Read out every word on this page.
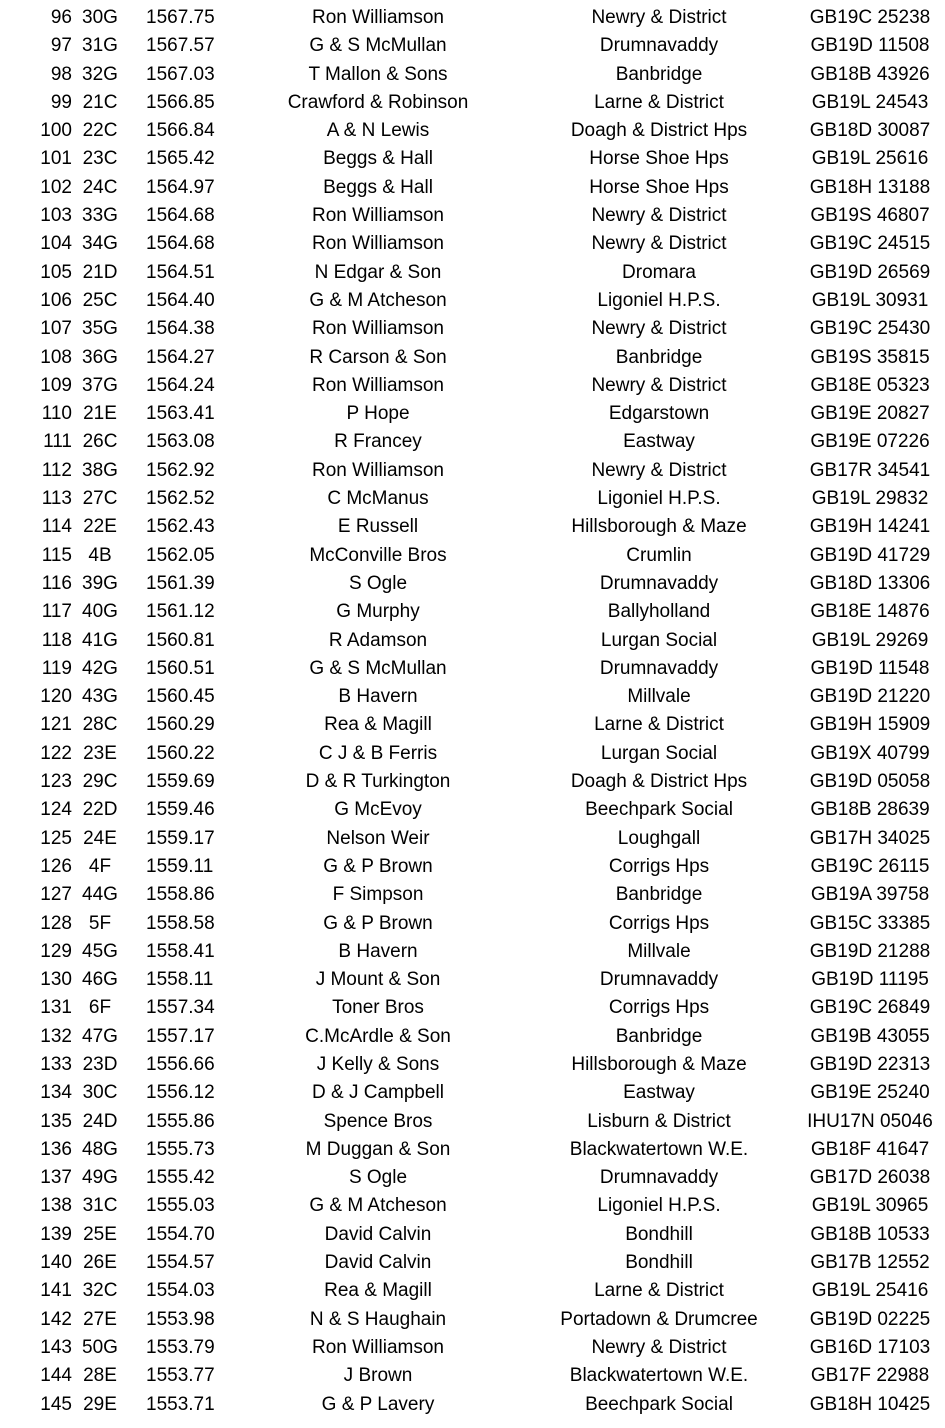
96 30G	1567.75	Ron Williamson	Newry & District	GB19C 25238
97 31G	1567.57	G & S McMullan	Drumnavaddy	GB19D 11508
98 32G	1567.03	T Mallon & Sons	Banbridge	GB18B 43926
99 21C	1566.85	Crawford & Robinson	Larne & District	GB19L 24543
100 22C	1566.84	A & N Lewis	Doagh & District Hps	GB18D 30087
101 23C	1565.42	Beggs & Hall	Horse Shoe Hps	GB19L 25616
102 24C	1564.97	Beggs & Hall	Horse Shoe Hps	GB18H 13188
103 33G	1564.68	Ron Williamson	Newry & District	GB19S 46807
104 34G	1564.68	Ron Williamson	Newry & District	GB19C 24515
105 21D	1564.51	N Edgar & Son	Dromara	GB19D 26569
106 25C	1564.40	G & M Atcheson	Ligoniel H.P.S.	GB19L 30931
107 35G	1564.38	Ron Williamson	Newry & District	GB19C 25430
108 36G	1564.27	R Carson & Son	Banbridge	GB19S 35815
109 37G	1564.24	Ron Williamson	Newry & District	GB18E 05323
110 21E	1563.41	P Hope	Edgarstown	GB19E 20827
111 26C	1563.08	R Francey	Eastway	GB19E 07226
112 38G	1562.92	Ron Williamson	Newry & District	GB17R 34541
113 27C	1562.52	C McManus	Ligoniel H.P.S.	GB19L 29832
114 22E	1562.43	E Russell	Hillsborough & Maze	GB19H 14241
115 4B	1562.05	McConville Bros	Crumlin	GB19D 41729
116 39G	1561.39	S Ogle	Drumnavaddy	GB18D 13306
117 40G	1561.12	G Murphy	Ballyholland	GB18E 14876
118 41G	1560.81	R Adamson	Lurgan Social	GB19L 29269
119 42G	1560.51	G & S McMullan	Drumnavaddy	GB19D 11548
120 43G	1560.45	B Havern	Millvale	GB19D 21220
121 28C	1560.29	Rea & Magill	Larne & District	GB19H 15909
122 23E	1560.22	C J & B Ferris	Lurgan Social	GB19X 40799
123 29C	1559.69	D & R Turkington	Doagh & District Hps	GB19D 05058
124 22D	1559.46	G McEvoy	Beechpark Social	GB18B 28639
125 24E	1559.17	Nelson Weir	Loughgall	GB17H 34025
126 4F	1559.11	G & P Brown	Corrigs Hps	GB19C 26115
127 44G	1558.86	F Simpson	Banbridge	GB19A 39758
128 5F	1558.58	G & P Brown	Corrigs Hps	GB15C 33385
129 45G	1558.41	B Havern	Millvale	GB19D 21288
130 46G	1558.11	J Mount & Son	Drumnavaddy	GB19D 11195
131 6F	1557.34	Toner Bros	Corrigs Hps	GB19C 26849
132 47G	1557.17	C.McArdle & Son	Banbridge	GB19B 43055
133 23D	1556.66	J Kelly & Sons	Hillsborough & Maze	GB19D 22313
134 30C	1556.12	D & J Campbell	Eastway	GB19E 25240
135 24D	1555.86	Spence Bros	Lisburn & District	IHU17N 05046
136 48G	1555.73	M Duggan & Son	Blackwatertown W.E.	GB18F 41647
137 49G	1555.42	S Ogle	Drumnavaddy	GB17D 26038
138 31C	1555.03	G & M Atcheson	Ligoniel H.P.S.	GB19L 30965
139 25E	1554.70	David Calvin	Bondhill	GB18B 10533
140 26E	1554.57	David Calvin	Bondhill	GB17B 12552
141 32C	1554.03	Rea & Magill	Larne & District	GB19L 25416
142 27E	1553.98	N & S Haughain	Portadown & Drumcree	GB19D 02225
143 50G	1553.79	Ron Williamson	Newry & District	GB16D 17103
144 28E	1553.77	J Brown	Blackwatertown W.E.	GB17F 22988
145 29E	1553.71	G & P Lavery	Beechpark Social	GB18H 10425
